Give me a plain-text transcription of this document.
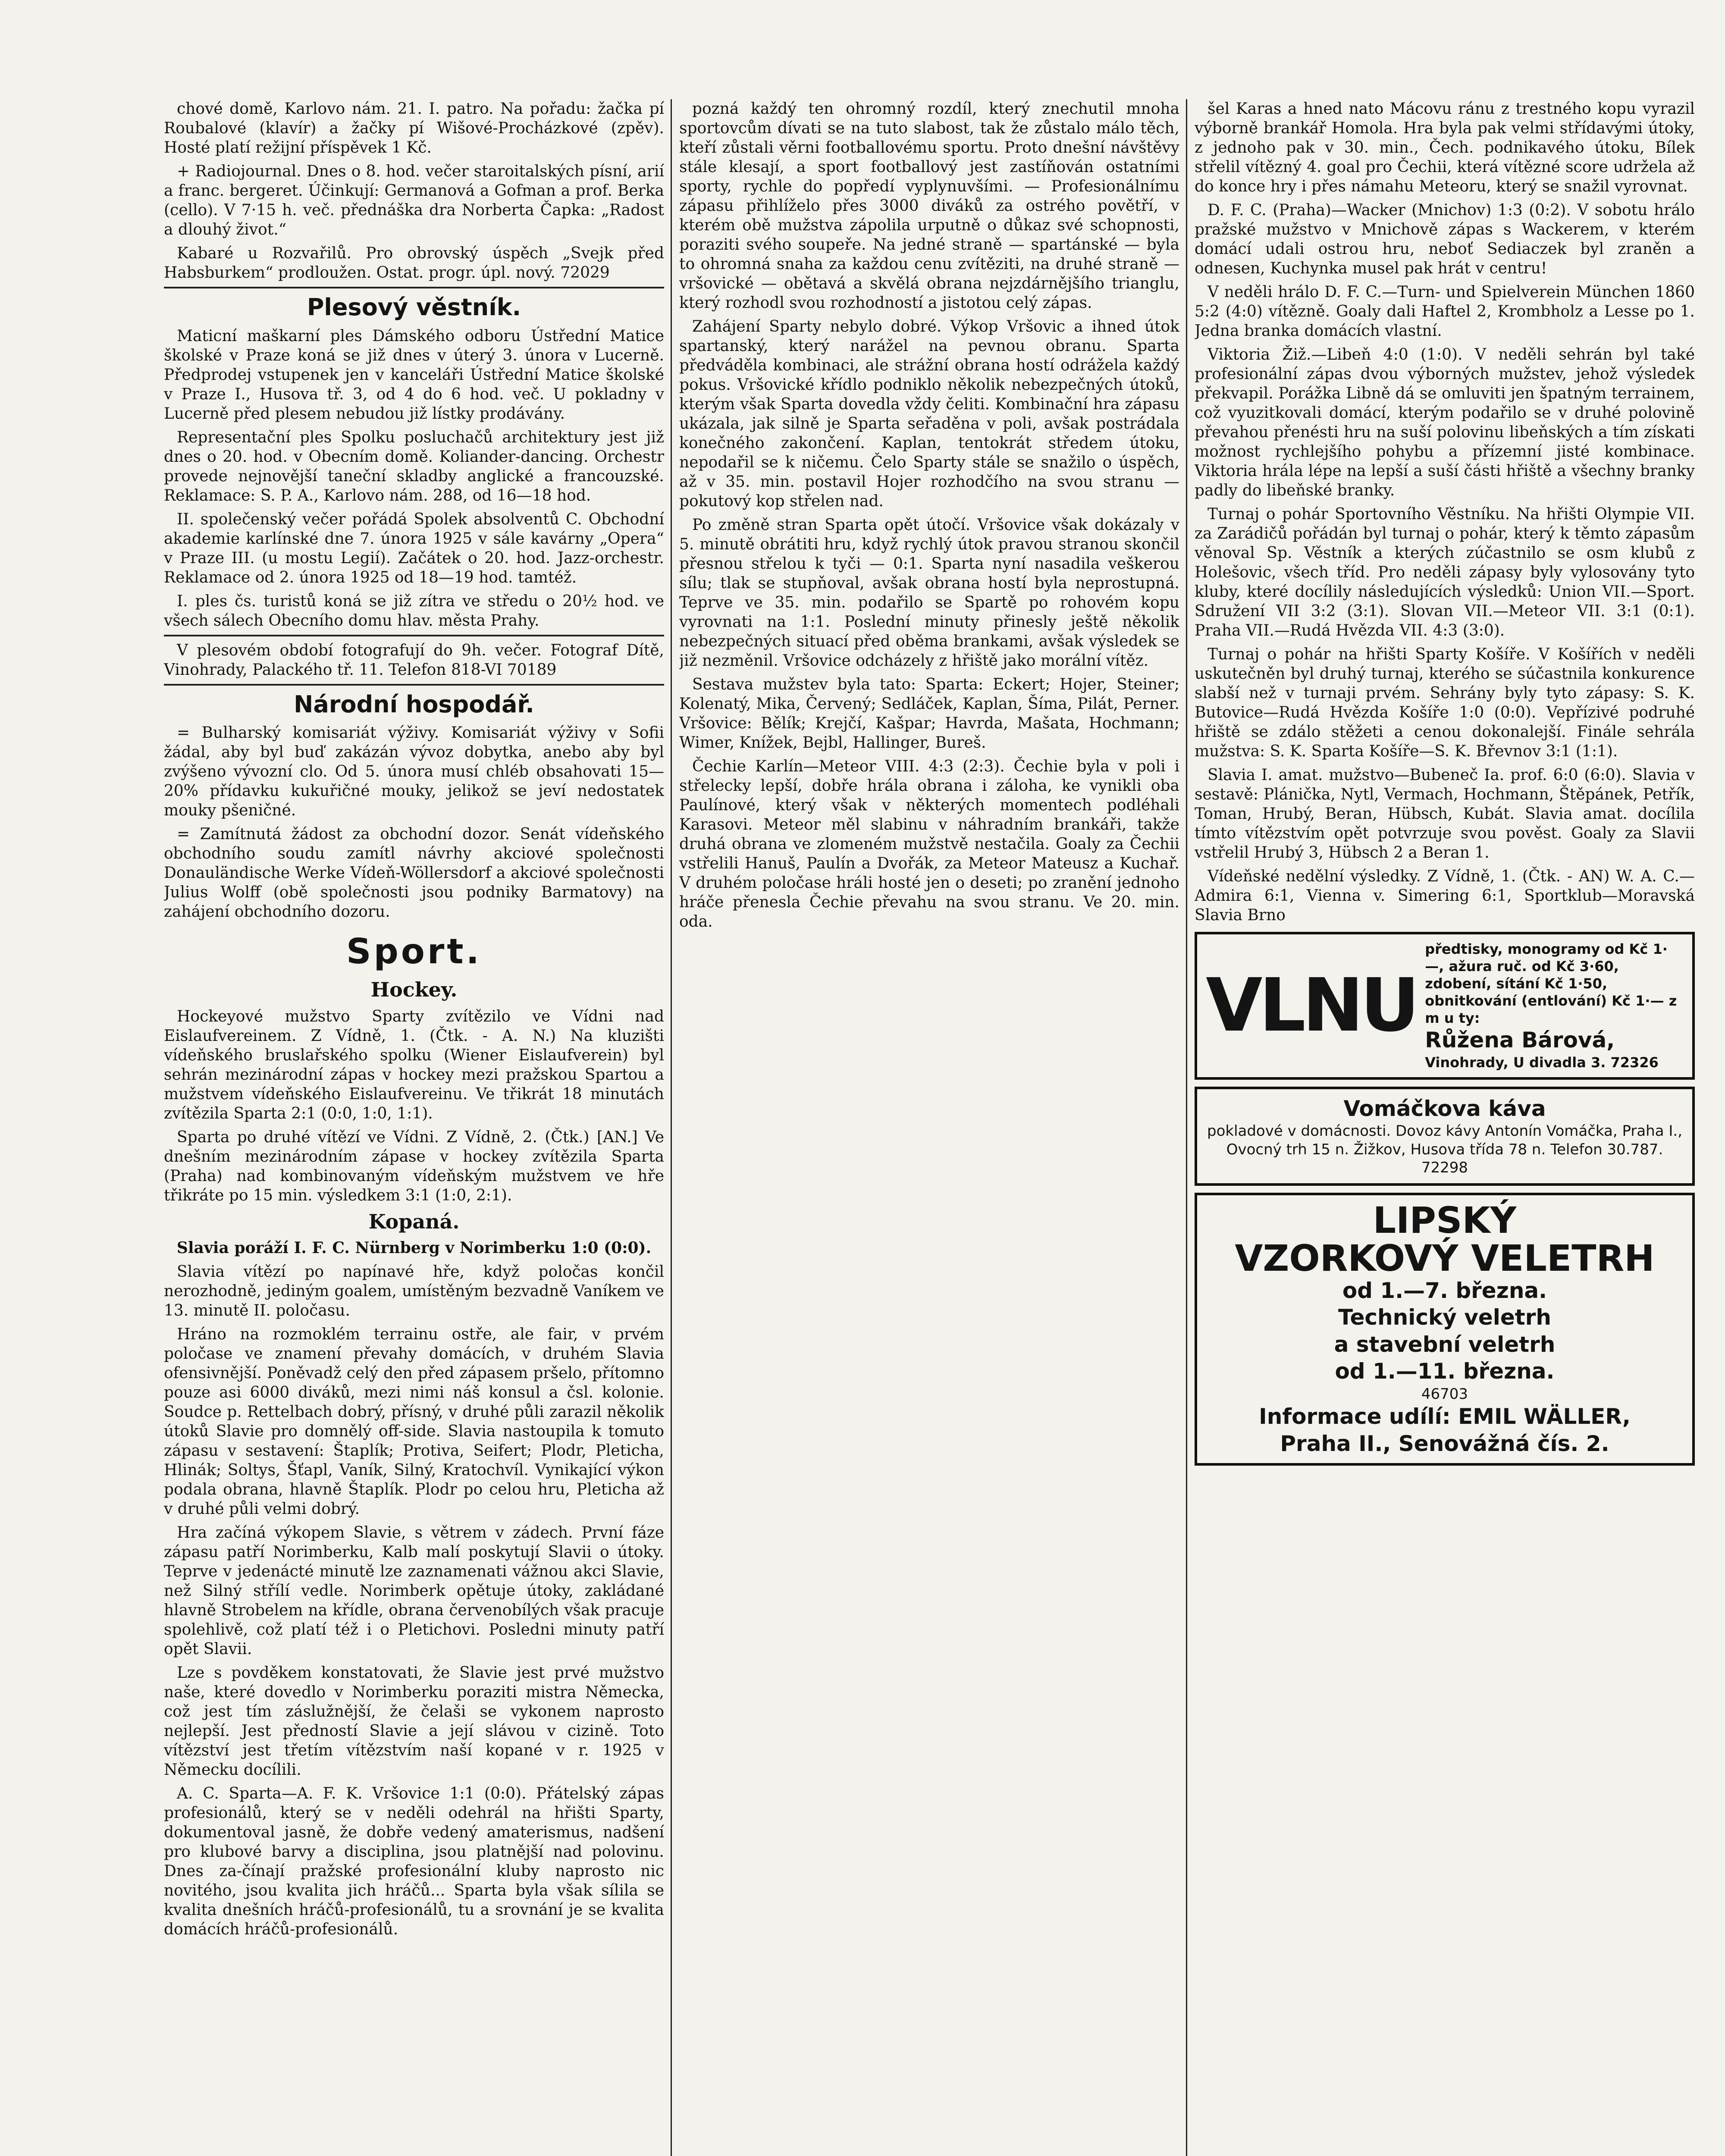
chové domě, Karlovo nám. 21. I. patro. Na pořadu: žačka pí Roubalové (klavír) a žačky pí Wišové-Procházkové (zpěv). Hosté platí režijní příspěvek 1 Kč.

+ Radiojournal. Dnes o 8. hod. večer staroitalských písní, arií a franc. bergeret. Účinkují: Germanová a Gofman a prof. Berka (cello). V 7·15 h. več. přednáška dra Norberta Čapka: „Radost a dlouhý život.“

Kabaré u Rozvařilů. Pro obrovský úspěch „Svejk před Habsburkem“ prodloužen. Ostat. progr. úpl. nový. 72029

Plesový věstník.

Maticní maškarní ples Dámského odboru Ústřední Matice školské v Praze koná se již dnes v úterý 3. února v Lucerně. Předprodej vstupenek jen v kanceláři Ústřední Matice školské v Praze I., Husova tř. 3, od 4 do 6 hod. več. U pokladny v Lucerně před plesem nebudou již lístky prodávány.

Representační ples Spolku posluchačů architektury jest již dnes o 20. hod. v Obecním domě. Koliander-dancing. Orchestr provede nejnovější taneční skladby anglické a francouzské. Reklamace: S. P. A., Karlovo nám. 288, od 16—18 hod.

II. společenský večer pořádá Spolek absolventů C. Obchodní akademie karlínské dne 7. února 1925 v sále kavárny „Opera“ v Praze III. (u mostu Legií). Začátek o 20. hod. Jazz-orchestr. Reklamace od 2. února 1925 od 18—19 hod. tamtéž.

I. ples čs. turistů koná se již zítra ve středu o 20½ hod. ve všech sálech Obecního domu hlav. města Prahy.

V plesovém období fotografují do 9h. večer. Fotograf Dítě, Vinohrady, Palackého tř. 11. Telefon 818-VI 70189

Národní hospodář.

= Bulharský komisariát výživy. Komisariát výživy v Sofii žádal, aby byl buď zakázán vývoz dobytka, anebo aby byl zvýšeno vývozní clo. Od 5. února musí chléb obsahovati 15—20% přídavku kukuřičné mouky, jelikož se jeví nedostatek mouky pšeničné.

= Zamítnutá žádost za obchodní dozor. Senát vídeňského obchodního soudu zamítl návrhy akciové společnosti Donauländische Werke Vídeň-Wöllersdorf a akciové společnosti Julius Wolff (obě společnosti jsou podniky Barmatovy) na zahájení obchodního dozoru.

Sport.
Hockey.

Hockeyové mužstvo Sparty zvítězilo ve Vídni nad Eislaufvereinem. Z Vídně, 1. (Čtk. - A. N.) Na kluzišti vídeňského bruslařského spolku (Wiener Eislaufverein) byl sehrán mezinárodní zápas v hockey mezi pražskou Spartou a mužstvem vídeňského Eislaufvereinu. Ve třikrát 18 minutách zvítězila Sparta 2:1 (0:0, 1:0, 1:1).

Sparta po druhé vítězí ve Vídni. Z Vídně, 2. (Čtk.) [AN.] Ve dnešním mezinárodním zápase v hockey zvítězila Sparta (Praha) nad kombinovaným vídeňským mužstvem ve hře třikráte po 15 min. výsledkem 3:1 (1:0, 2:1).

Kopaná.
Slavia poráží I. F. C. Nürnberg v Norimberku 1:0 (0:0).

Slavia vítězí po napínavé hře, když poločas končil nerozhodně, jediným goalem, umístěným bezvadně Vaníkem ve 13. minutě II. poločasu.

Hráno na rozmoklém terrainu ostře, ale fair, v prvém poločase ve znamení převahy domácích, v druhém Slavia ofensivnější. Poněvadž celý den před zápasem pršelo, přítomno pouze asi 6000 diváků, mezi nimi náš konsul a čsl. kolonie. Soudce p. Rettelbach dobrý, přísný, v druhé půli zarazil několik útoků Slavie pro domnělý off-side. Slavia nastoupila k tomuto zápasu v sestavení: Štaplík; Protiva, Seifert; Plodr, Pleticha, Hlinák; Soltys, Šťapl, Vaník, Silný, Kratochvíl. Vynikající výkon podala obrana, hlavně Štaplík. Plodr po celou hru, Pleticha až v druhé půli velmi dobrý.

Hra začíná výkopem Slavie, s větrem v zádech. První fáze zápasu patří Norimberku, Kalb malí poskytují Slavii o útoky. Teprve v jedenácté minutě lze zaznamenati vážnou akci Slavie, než Silný střílí vedle. Norimberk opětuje útoky, zakládané hlavně Strobelem na křídle, obrana červenobílých však pracuje spolehlivě, což platí též i o Pletichovi. Posledni minuty patří opět Slavii.

Lze s povděkem konstatovati, že Slavie jest prvé mužstvo naše, které dovedlo v Norimberku poraziti mistra Německa, což jest tím záslužnější, že čelaši se vykonem naprosto nejlepší. Jest předností Slavie a její slávou v cizině. Toto vítězství jest třetím vítězstvím naší kopané v r. 1925 v Německu docílili.

A. C. Sparta—A. F. K. Vršovice 1:1 (0:0). Přátelský zápas profesionálů, který se v neděli odehrál na hřišti Sparty, dokumentoval jasně, že dobře vedený amaterismus, nadšení pro klubové barvy a disciplina, jsou platnější nad polovinu. Dnes za-čínají pražské profesionální kluby naprosto nic novitého, jsou kvalita jich hráčů... Sparta byla však sílila se kvalita dnešních hráčů-profesionálů, tu a srovnání je se kvalita domácích hráčů-profesionálů.

pozná každý ten ohromný rozdíl, který znechutil mnoha sportovcům dívati se na tuto slabost, tak že zůstalo málo těch, kteří zůstali věrni footballovému sportu. Proto dnešní návštěvy stále klesají, a sport footballový jest zastíňován ostatními sporty, rychle do popředí vyplynuvšími. — Profesionálnímu zápasu přihlíželo přes 3000 diváků za ostrého povětří, v kterém obě mužstva zápolila urputně o důkaz své schopnosti, poraziti svého soupeře. Na jedné straně — spartánské — byla to ohromná snaha za každou cenu zvítěziti, na druhé straně — vršovické — obětavá a skvělá obrana nejzdárnějšího trianglu, který rozhodl svou rozhodností a jistotou celý zápas.

Zahájení Sparty nebylo dobré. Výkop Vršovic a ihned útok spartanský, který narážel na pevnou obranu. Sparta předváděla kombinaci, ale strážní obrana hostí odrážela každý pokus. Vršovické křídlo podniklo několik nebezpečných útoků, kterým však Sparta dovedla vždy čeliti. Kombinační hra zápasu ukázala, jak silně je Sparta seřaděna v poli, avšak postrádala konečného zakončení. Kaplan, tentokrát středem útoku, nepodařil se k ničemu. Čelo Sparty stále se snažilo o úspěch, až v 35. min. postavil Hojer rozhodčího na svou stranu — pokutový kop střelen nad.

Po změně stran Sparta opět útočí. Vršovice však dokázaly v 5. minutě obrátiti hru, když rychlý útok pravou stranou skončil přesnou střelou k tyči — 0:1. Sparta nyní nasadila veškerou sílu; tlak se stupňoval, avšak obrana hostí byla neprostupná. Teprve ve 35. min. podařilo se Spartě po rohovém kopu vyrovnati na 1:1. Poslední minuty přinesly ještě několik nebezpečných situací před oběma brankami, avšak výsledek se již nezměnil. Vršovice odcházely z hřiště jako morální vítěz.

Sestava mužstev byla tato: Sparta: Eckert; Hojer, Steiner; Kolenatý, Mika, Červený; Sedláček, Kaplan, Šíma, Pilát, Perner. Vršovice: Bělík; Krejčí, Kašpar; Havrda, Mašata, Hochmann; Wimer, Knížek, Bejbl, Hallinger, Bureš.

Čechie Karlín—Meteor VIII. 4:3 (2:3). Čechie byla v poli i střelecky lepší, dobře hrála obrana i záloha, ke vynikli oba Paulínové, který však v některých momentech podléhali Karasovi. Meteor měl slabinu v náhradním brankáři, takže druhá obrana ve zlomeném mužstvě nestačila. Goaly za Čechii vstřelili Hanuš, Paulín a Dvořák, za Meteor Mateusz a Kuchař. V druhém poločase hráli hosté jen o deseti; po zranění jednoho hráče přenesla Čechie převahu na svou stranu. Ve 20. min. oda.

šel Karas a hned nato Mácovu ránu z trestného kopu vyrazil výborně brankář Homola. Hra byla pak velmi střídavými útoky, z jednoho pak v 30. min., Čech. podnikavého útoku, Bílek střelil vítězný 4. goal pro Čechii, která vítězné score udržela až do konce hry i přes námahu Meteoru, který se snažil vyrovnat.

D. F. C. (Praha)—Wacker (Mnichov) 1:3 (0:2). V sobotu hrálo pražské mužstvo v Mnichově zápas s Wackerem, v kterém domácí udali ostrou hru, neboť Sediaczek byl zraněn a odnesen, Kuchynka musel pak hrát v centru!

V neděli hrálo D. F. C.—Turn- und Spielverein München 1860 5:2 (4:0) vítězně. Goaly dali Haftel 2, Krombholz a Lesse po 1. Jedna branka domácích vlastní.

Viktoria Žiž.—Libeň 4:0 (1:0). V neděli sehrán byl také profesionální zápas dvou výborných mužstev, jehož výsledek překvapil. Porážka Libně dá se omluviti jen špatným terrainem, což vyuzitkovali domácí, kterým podařilo se v druhé polovině převahou přenésti hru na suší polovinu libeňských a tím získati možnost rychlejšího pohybu a přízemní jisté kombinace. Viktoria hrála lépe na lepší a suší části hřiště a všechny branky padly do libeňské branky.

Turnaj o pohár Sportovního Věstníku. Na hřišti Olympie VII. za Zarádičů pořádán byl turnaj o pohár, který k těmto zápasům věnoval Sp. Věstník a kterých zúčastnilo se osm klubů z Holešovic, všech tříd. Pro neděli zápasy byly vylosovány tyto kluby, které docílily následujících výsledků: Union VII.—Sport. Sdružení VII 3:2 (3:1). Slovan VII.—Meteor VII. 3:1 (0:1). Praha VII.—Rudá Hvězda VII. 4:3 (3:0).

Turnaj o pohár na hřišti Sparty Košíře. V Košířích v neděli uskutečněn byl druhý turnaj, kterého se súčastnila konkurence slabší než v turnaji prvém. Sehrány byly tyto zápasy: S. K. Butovice—Rudá Hvězda Košíře 1:0 (0:0). Vepřízivé podruhé hřiště se zdálo stěžeti a cenou dokonalejší. Finále sehrála mužstva: S. K. Sparta Košíře—S. K. Břevnov 3:1 (1:1).

Slavia I. amat. mužstvo—Bubeneč Ia. prof. 6:0 (6:0). Slavia v sestavě: Plánička, Nytl, Vermach, Hochmann, Štěpánek, Petřík, Toman, Hrubý, Beran, Hübsch, Kubát. Slavia amat. docílila tímto vítězstvím opět potvrzuje svou pověst. Goaly za Slavii vstřelil Hrubý 3, Hübsch 2 a Beran 1.

Vídeňské nedělní výsledky. Z Vídně, 1. (Čtk. - AN) W. A. C.—Admira 6:1, Vienna v. Simering 6:1, Sportklub—Moravská Slavia Brno

VLNU
předtisky, monogramy od Kč 1·—, ažura ruč. od Kč 3·60, zdobení, sítání Kč 1·50, obnitkování (entlování) Kč 1·— z m u ty:
Růžena Bárová,
Vinohrady, U divadla 3. 72326
Vomáčkova káva
pokladové v domácnosti. Dovoz kávy Antonín Vomáčka, Praha I., Ovocný trh 15 n. Žižkov, Husova třída 78 n. Telefon 30.787. 72298
LIPSKÝ
VZORKOVÝ VELETRH
od 1.—7. března.
Technický veletrh
a stavební veletrh
od 1.—11. března.
46703
Informace udílí: EMIL WÄLLER,
Praha II., Senovážná čís. 2.
